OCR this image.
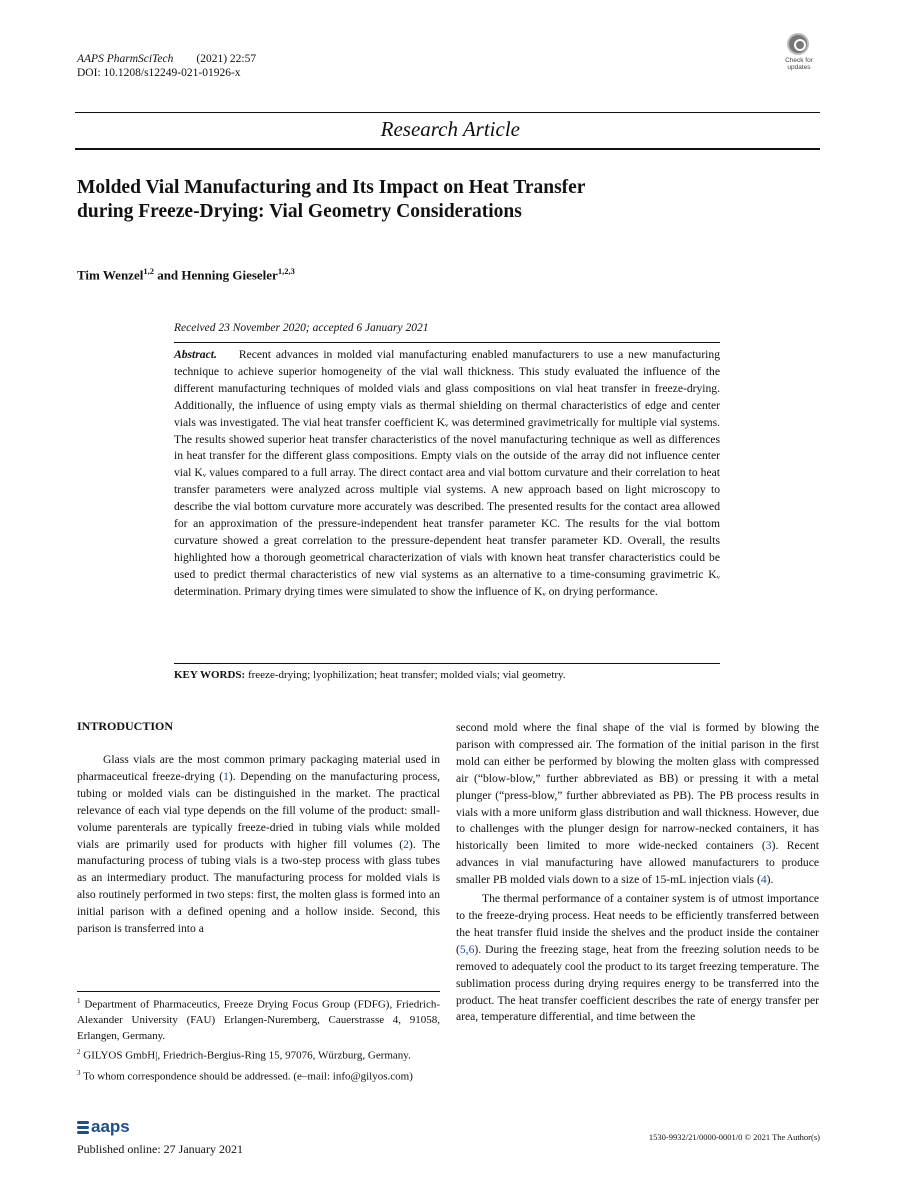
AAPS PharmSciTech (2021) 22:57
DOI: 10.1208/s12249-021-01926-x
Check for updates
Research Article
Molded Vial Manufacturing and Its Impact on Heat Transfer
during Freeze-Drying: Vial Geometry Considerations
Tim Wenzel$^{1,2}$ and Henning Gieseler$^{1,2,3}$
Received 23 November 2020; accepted 6 January 2021
Abstract. Recent advances in molded vial manufacturing enabled manufacturers to use a new manufacturing technique to achieve superior homogeneity of the vial wall thickness. This study evaluated the influence of the different manufacturing techniques of molded vials and glass compositions on vial heat transfer in freeze-drying. Additionally, the influence of using empty vials as thermal shielding on thermal characteristics of edge and center vials was investigated. The vial heat transfer coefficient Kᵥ was determined gravimetrically for multiple vial systems. The results showed superior heat transfer characteristics of the novel manufacturing technique as well as differences in heat transfer for the different glass compositions. Empty vials on the outside of the array did not influence center vial Kᵥ values compared to a full array. The direct contact area and vial bottom curvature and their correlation to heat transfer parameters were analyzed across multiple vial systems. A new approach based on light microscopy to describe the vial bottom curvature more accurately was described. The presented results for the contact area allowed for an approximation of the pressure-independent heat transfer parameter KC. The results for the vial bottom curvature showed a great correlation to the pressure-dependent heat transfer parameter KD. Overall, the results highlighted how a thorough geometrical characterization of vials with known heat transfer characteristics could be used to predict thermal characteristics of new vial systems as an alternative to a time-consuming gravimetric Kᵥ determination. Primary drying times were simulated to show the influence of Kᵥ on drying performance.
KEY WORDS: freeze-drying; lyophilization; heat transfer; molded vials; vial geometry.
INTRODUCTION

Glass vials are the most common primary packaging material used in pharmaceutical freeze-drying (1). Depending on the manufacturing process, tubing or molded vials can be distinguished in the market. The practical relevance of each vial type depends on the fill volume of the product: small-volume parenterals are typically freeze-dried in tubing vials while molded vials are primarily used for products with higher fill volumes (2). The manufacturing process of tubing vials is a two-step process with glass tubes as an intermediary product. The manufacturing process for molded vials is also routinely performed in two steps: first, the molten glass is formed into an initial parison with a defined opening and a hollow inside. Second, this parison is transferred into a

second mold where the final shape of the vial is formed by blowing the parison with compressed air. The formation of the initial parison in the first mold can either be performed by blowing the molten glass with compressed air (“blow-blow,” further abbreviated as BB) or pressing it with a metal plunger (“press-blow,” further abbreviated as PB). The PB process results in vials with a more uniform glass distribution and wall thickness. However, due to challenges with the plunger design for narrow-necked containers, it has historically been limited to more wide-necked containers (3). Recent advances in vial manufacturing have allowed manufacturers to produce smaller PB molded vials down to a size of 15-mL injection vials (4).

The thermal performance of a container system is of utmost importance to the freeze-drying process. Heat needs to be efficiently transferred between the heat transfer fluid inside the shelves and the product inside the container (5,6). During the freezing stage, heat from the freezing solution needs to be removed to adequately cool the product to its target freezing temperature. The sublimation process during drying requires energy to be transferred into the product. The heat transfer coefficient describes the rate of energy transfer per area, temperature differential, and time between the

$^1$ Department of Pharmaceutics, Freeze Drying Focus Group (FDFG), Friedrich-Alexander University (FAU) Erlangen-Nuremberg, Cauerstrasse 4, 91058, Erlangen, Germany.

$^2$ GILYOS GmbH|, Friedrich-Bergius-Ring 15, 97076, Würzburg, Germany.

$^3$ To whom correspondence should be addressed. (e–mail: info@gilyos.com)

aaps
Published online: 27 January 2021
1530-9932/21/0000-0001/0 © 2021 The Author(s)
